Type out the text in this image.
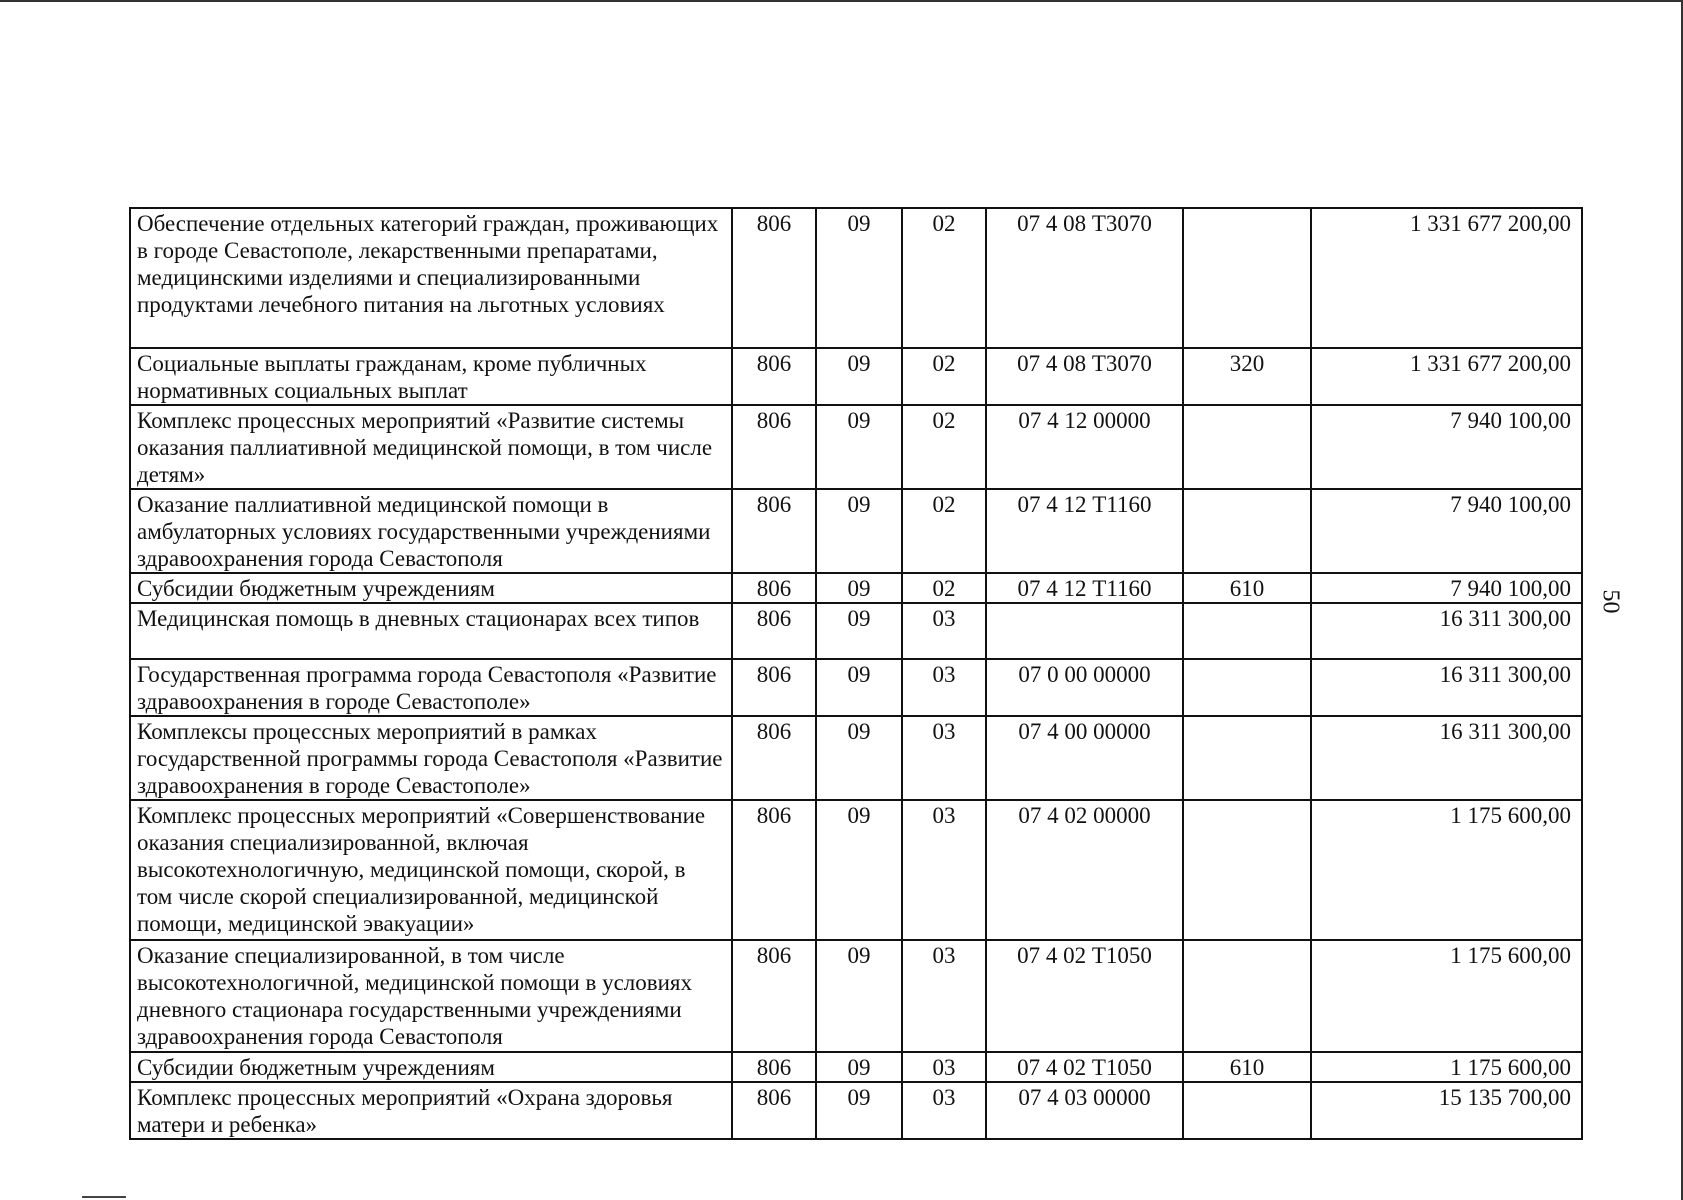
50
Обеспечение отдельных категорий граждан, проживающих в городе Севастополе, лекарственными препаратами, медицинскими изделиями и специализированными продуктами лечебного питания на льготных условиях	806	09	02	07 4 08 Т3070		1 331 677 200,00
Социальные выплаты гражданам, кроме публичных нормативных социальных выплат	806	09	02	07 4 08 Т3070	320	1 331 677 200,00
Комплекс процессных мероприятий «Развитие системы оказания паллиативной медицинской помощи, в том числе детям»	806	09	02	07 4 12 00000		7 940 100,00
Оказание паллиативной медицинской помощи в амбулаторных условиях государственными учреждениями здравоохранения города Севастополя	806	09	02	07 4 12 Т1160		7 940 100,00
Субсидии бюджетным учреждениям	806	09	02	07 4 12 Т1160	610	7 940 100,00
Медицинская помощь в дневных стационарах всех типов	806	09	03			16 311 300,00
Государственная программа города Севастополя «Развитие здравоохранения в городе Севастополе»	806	09	03	07 0 00 00000		16 311 300,00
Комплексы процессных мероприятий в рамках государственной программы города Севастополя «Развитие здравоохранения в городе Севастополе»	806	09	03	07 4 00 00000		16 311 300,00
Комплекс процессных мероприятий «Совершенствование оказания специализированной, включая высокотехнологичную, медицинской помощи, скорой, в том числе скорой специализированной, медицинской помощи, медицинской эвакуации»	806	09	03	07 4 02 00000		1 175 600,00
Оказание специализированной, в том числе высокотехнологичной, медицинской помощи в условиях дневного стационара государственными учреждениями здравоохранения города Севастополя	806	09	03	07 4 02 Т1050		1 175 600,00
Субсидии бюджетным учреждениям	806	09	03	07 4 02 Т1050	610	1 175 600,00
Комплекс процессных мероприятий «Охрана здоровья матери и ребенка»	806	09	03	07 4 03 00000		15 135 700,00
